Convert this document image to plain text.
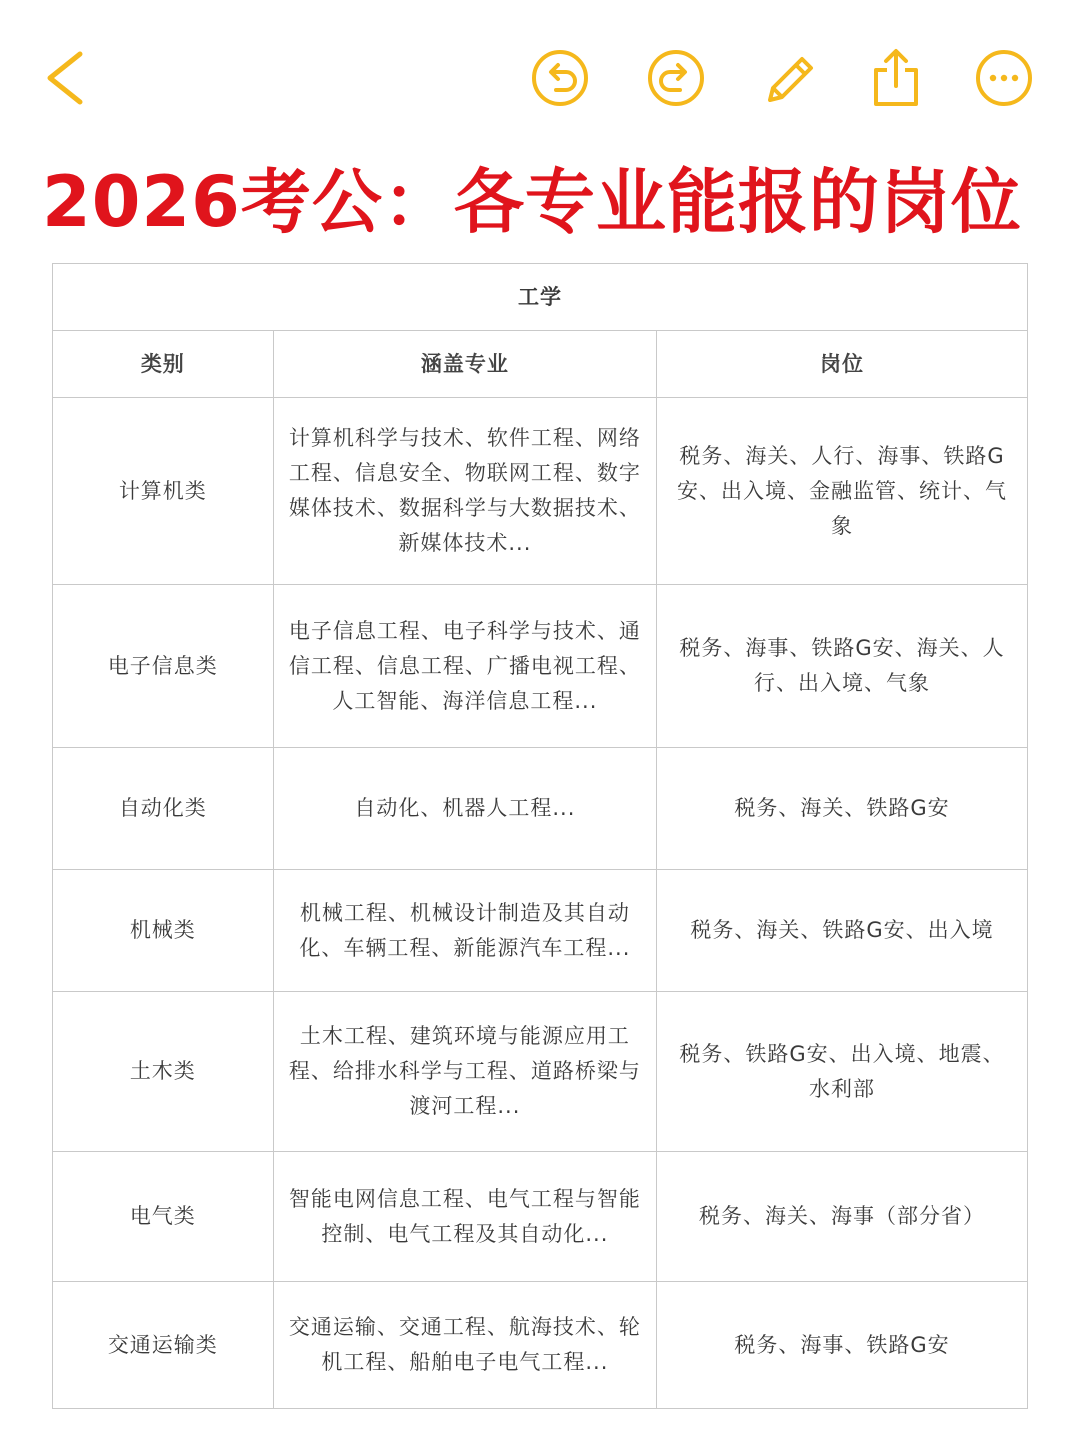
2026考公：各专业能报的岗位
工学		
类别	涵盖专业	岗位
计算机类	计算机科学与技术、软件工程、网络工程、信息安全、物联网工程、数字媒体技术、数据科学与大数据技术、新媒体技术...	税务、海关、人行、海事、铁路G安、出入境、金融监管、统计、气象
电子信息类	电子信息工程、电子科学与技术、通信工程、信息工程、广播电视工程、人工智能、海洋信息工程...	税务、海事、铁路G安、海关、人行、出入境、气象
自动化类	自动化、机器人工程...	税务、海关、铁路G安
机械类	机械工程、机械设计制造及其自动化、车辆工程、新能源汽车工程...	税务、海关、铁路G安、出入境
土木类	土木工程、建筑环境与能源应用工程、给排水科学与工程、道路桥梁与渡河工程...	税务、铁路G安、出入境、地震、水利部
电气类	智能电网信息工程、电气工程与智能控制、电气工程及其自动化...	税务、海关、海事（部分省）
交通运输类	交通运输、交通工程、航海技术、轮机工程、船舶电子电气工程...	税务、海事、铁路G安
